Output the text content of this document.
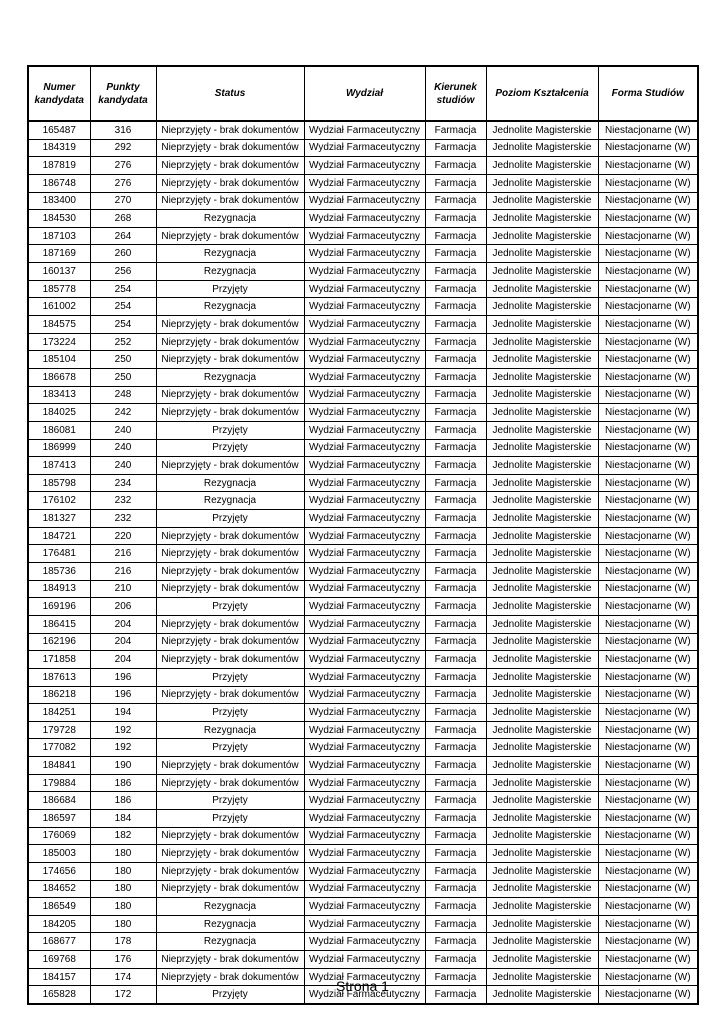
Numer kandydata	Punkty kandydata	Status	Wydział	Kierunek studiów	Poziom Kształcenia	Forma Studiów
165487	316	Nieprzyjęty - brak dokumentów	Wydział Farmaceutyczny	Farmacja	Jednolite Magisterskie	Niestacjonarne (W)
184319	292	Nieprzyjęty - brak dokumentów	Wydział Farmaceutyczny	Farmacja	Jednolite Magisterskie	Niestacjonarne (W)
187819	276	Nieprzyjęty - brak dokumentów	Wydział Farmaceutyczny	Farmacja	Jednolite Magisterskie	Niestacjonarne (W)
186748	276	Nieprzyjęty - brak dokumentów	Wydział Farmaceutyczny	Farmacja	Jednolite Magisterskie	Niestacjonarne (W)
183400	270	Nieprzyjęty - brak dokumentów	Wydział Farmaceutyczny	Farmacja	Jednolite Magisterskie	Niestacjonarne (W)
184530	268	Rezygnacja	Wydział Farmaceutyczny	Farmacja	Jednolite Magisterskie	Niestacjonarne (W)
187103	264	Nieprzyjęty - brak dokumentów	Wydział Farmaceutyczny	Farmacja	Jednolite Magisterskie	Niestacjonarne (W)
187169	260	Rezygnacja	Wydział Farmaceutyczny	Farmacja	Jednolite Magisterskie	Niestacjonarne (W)
160137	256	Rezygnacja	Wydział Farmaceutyczny	Farmacja	Jednolite Magisterskie	Niestacjonarne (W)
185778	254	Przyjęty	Wydział Farmaceutyczny	Farmacja	Jednolite Magisterskie	Niestacjonarne (W)
161002	254	Rezygnacja	Wydział Farmaceutyczny	Farmacja	Jednolite Magisterskie	Niestacjonarne (W)
184575	254	Nieprzyjęty - brak dokumentów	Wydział Farmaceutyczny	Farmacja	Jednolite Magisterskie	Niestacjonarne (W)
173224	252	Nieprzyjęty - brak dokumentów	Wydział Farmaceutyczny	Farmacja	Jednolite Magisterskie	Niestacjonarne (W)
185104	250	Nieprzyjęty - brak dokumentów	Wydział Farmaceutyczny	Farmacja	Jednolite Magisterskie	Niestacjonarne (W)
186678	250	Rezygnacja	Wydział Farmaceutyczny	Farmacja	Jednolite Magisterskie	Niestacjonarne (W)
183413	248	Nieprzyjęty - brak dokumentów	Wydział Farmaceutyczny	Farmacja	Jednolite Magisterskie	Niestacjonarne (W)
184025	242	Nieprzyjęty - brak dokumentów	Wydział Farmaceutyczny	Farmacja	Jednolite Magisterskie	Niestacjonarne (W)
186081	240	Przyjęty	Wydział Farmaceutyczny	Farmacja	Jednolite Magisterskie	Niestacjonarne (W)
186999	240	Przyjęty	Wydział Farmaceutyczny	Farmacja	Jednolite Magisterskie	Niestacjonarne (W)
187413	240	Nieprzyjęty - brak dokumentów	Wydział Farmaceutyczny	Farmacja	Jednolite Magisterskie	Niestacjonarne (W)
185798	234	Rezygnacja	Wydział Farmaceutyczny	Farmacja	Jednolite Magisterskie	Niestacjonarne (W)
176102	232	Rezygnacja	Wydział Farmaceutyczny	Farmacja	Jednolite Magisterskie	Niestacjonarne (W)
181327	232	Przyjęty	Wydział Farmaceutyczny	Farmacja	Jednolite Magisterskie	Niestacjonarne (W)
184721	220	Nieprzyjęty - brak dokumentów	Wydział Farmaceutyczny	Farmacja	Jednolite Magisterskie	Niestacjonarne (W)
176481	216	Nieprzyjęty - brak dokumentów	Wydział Farmaceutyczny	Farmacja	Jednolite Magisterskie	Niestacjonarne (W)
185736	216	Nieprzyjęty - brak dokumentów	Wydział Farmaceutyczny	Farmacja	Jednolite Magisterskie	Niestacjonarne (W)
184913	210	Nieprzyjęty - brak dokumentów	Wydział Farmaceutyczny	Farmacja	Jednolite Magisterskie	Niestacjonarne (W)
169196	206	Przyjęty	Wydział Farmaceutyczny	Farmacja	Jednolite Magisterskie	Niestacjonarne (W)
186415	204	Nieprzyjęty - brak dokumentów	Wydział Farmaceutyczny	Farmacja	Jednolite Magisterskie	Niestacjonarne (W)
162196	204	Nieprzyjęty - brak dokumentów	Wydział Farmaceutyczny	Farmacja	Jednolite Magisterskie	Niestacjonarne (W)
171858	204	Nieprzyjęty - brak dokumentów	Wydział Farmaceutyczny	Farmacja	Jednolite Magisterskie	Niestacjonarne (W)
187613	196	Przyjęty	Wydział Farmaceutyczny	Farmacja	Jednolite Magisterskie	Niestacjonarne (W)
186218	196	Nieprzyjęty - brak dokumentów	Wydział Farmaceutyczny	Farmacja	Jednolite Magisterskie	Niestacjonarne (W)
184251	194	Przyjęty	Wydział Farmaceutyczny	Farmacja	Jednolite Magisterskie	Niestacjonarne (W)
179728	192	Rezygnacja	Wydział Farmaceutyczny	Farmacja	Jednolite Magisterskie	Niestacjonarne (W)
177082	192	Przyjęty	Wydział Farmaceutyczny	Farmacja	Jednolite Magisterskie	Niestacjonarne (W)
184841	190	Nieprzyjęty - brak dokumentów	Wydział Farmaceutyczny	Farmacja	Jednolite Magisterskie	Niestacjonarne (W)
179884	186	Nieprzyjęty - brak dokumentów	Wydział Farmaceutyczny	Farmacja	Jednolite Magisterskie	Niestacjonarne (W)
186684	186	Przyjęty	Wydział Farmaceutyczny	Farmacja	Jednolite Magisterskie	Niestacjonarne (W)
186597	184	Przyjęty	Wydział Farmaceutyczny	Farmacja	Jednolite Magisterskie	Niestacjonarne (W)
176069	182	Nieprzyjęty - brak dokumentów	Wydział Farmaceutyczny	Farmacja	Jednolite Magisterskie	Niestacjonarne (W)
185003	180	Nieprzyjęty - brak dokumentów	Wydział Farmaceutyczny	Farmacja	Jednolite Magisterskie	Niestacjonarne (W)
174656	180	Nieprzyjęty - brak dokumentów	Wydział Farmaceutyczny	Farmacja	Jednolite Magisterskie	Niestacjonarne (W)
184652	180	Nieprzyjęty - brak dokumentów	Wydział Farmaceutyczny	Farmacja	Jednolite Magisterskie	Niestacjonarne (W)
186549	180	Rezygnacja	Wydział Farmaceutyczny	Farmacja	Jednolite Magisterskie	Niestacjonarne (W)
184205	180	Rezygnacja	Wydział Farmaceutyczny	Farmacja	Jednolite Magisterskie	Niestacjonarne (W)
168677	178	Rezygnacja	Wydział Farmaceutyczny	Farmacja	Jednolite Magisterskie	Niestacjonarne (W)
169768	176	Nieprzyjęty - brak dokumentów	Wydział Farmaceutyczny	Farmacja	Jednolite Magisterskie	Niestacjonarne (W)
184157	174	Nieprzyjęty - brak dokumentów	Wydział Farmaceutyczny	Farmacja	Jednolite Magisterskie	Niestacjonarne (W)
165828	172	Przyjęty	Wydział Farmaceutyczny	Farmacja	Jednolite Magisterskie	Niestacjonarne (W)
Strona 1
